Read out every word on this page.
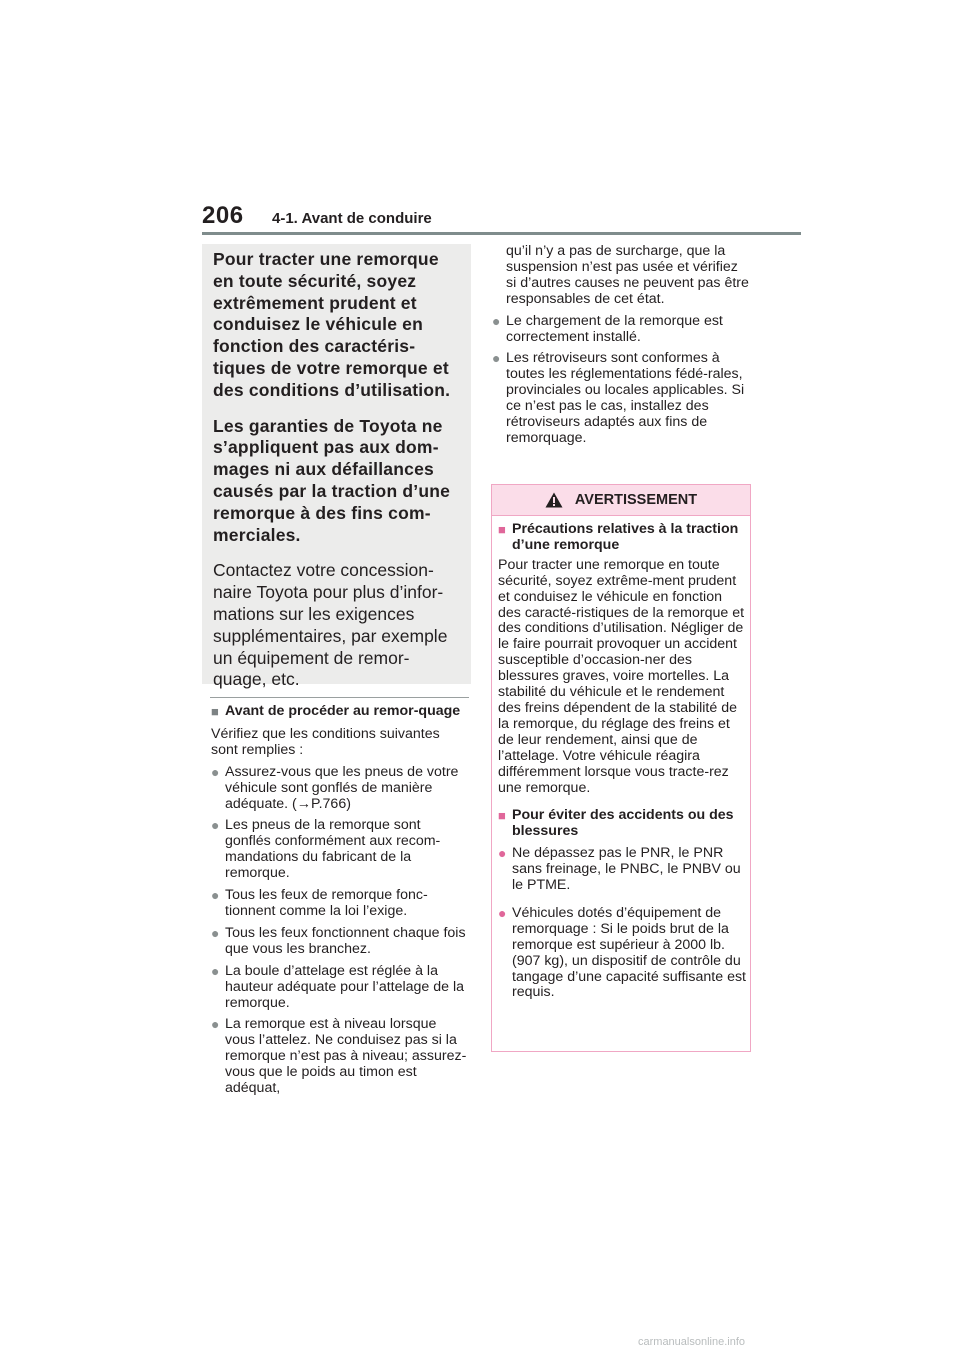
206 4-1. Avant de conduire

Pour tracter une remorque en toute sécurité, soyez extrêmement prudent et conduisez le véhicule en fonction des caractéris-tiques de votre remorque et des conditions d’utilisation.

Les garanties de Toyota ne s’appliquent pas aux dom-mages ni aux défaillances causés par la traction d’une remorque à des fins com-merciales.

Contactez votre concession-naire Toyota pour plus d’infor-mations sur les exigences supplémentaires, par exemple un équipement de remor-quage, etc.

■ Avant de procéder au remor-quage

Vérifiez que les conditions suivantes sont remplies :

● Assurez-vous que les pneus de votre véhicule sont gonflés de manière adéquate. (→P.766)
● Les pneus de la remorque sont gonflés conformément aux recom-mandations du fabricant de la remorque.
● Tous les feux de remorque fonc-tionnent comme la loi l’exige.
● Tous les feux fonctionnent chaque fois que vous les branchez.
● La boule d’attelage est réglée à la hauteur adéquate pour l’attelage de la remorque.
● La remorque est à niveau lorsque vous l’attelez. Ne conduisez pas si la remorque n’est pas à niveau; assurez-vous que le poids au timon est adéquat,

qu’il n’y a pas de surcharge, que la suspension n’est pas usée et vérifiez si d’autres causes ne peuvent pas être responsables de cet état.

● Le chargement de la remorque est correctement installé.
● Les rétroviseurs sont conformes à toutes les réglementations fédé-rales, provinciales ou locales applicables. Si ce n’est pas le cas, installez des rétroviseurs adaptés aux fins de remorquage.
AVERTISSEMENT
■ Précautions relatives à la traction d’une remorque

Pour tracter une remorque en toute sécurité, soyez extrême-ment prudent et conduisez le véhicule en fonction des caracté-ristiques de la remorque et des conditions d’utilisation. Négliger de le faire pourrait provoquer un accident susceptible d’occasion-ner des blessures graves, voire mortelles. La stabilité du véhicule et le rendement des freins dépendent de la stabilité de la remorque, du réglage des freins et de leur rendement, ainsi que de l’attelage. Votre véhicule réagira différemment lorsque vous tracte-rez une remorque.

■ Pour éviter des accidents ou des blessures
● Ne dépassez pas le PNR, le PNR sans freinage, le PNBC, le PNBV ou le PTME.
● Véhicules dotés d’équipement de remorquage : Si le poids brut de la remorque est supérieur à 2000 lb. (907 kg), un dispositif de contrôle du tangage d’une capacité suffisante est requis.
carmanualsonline.info
